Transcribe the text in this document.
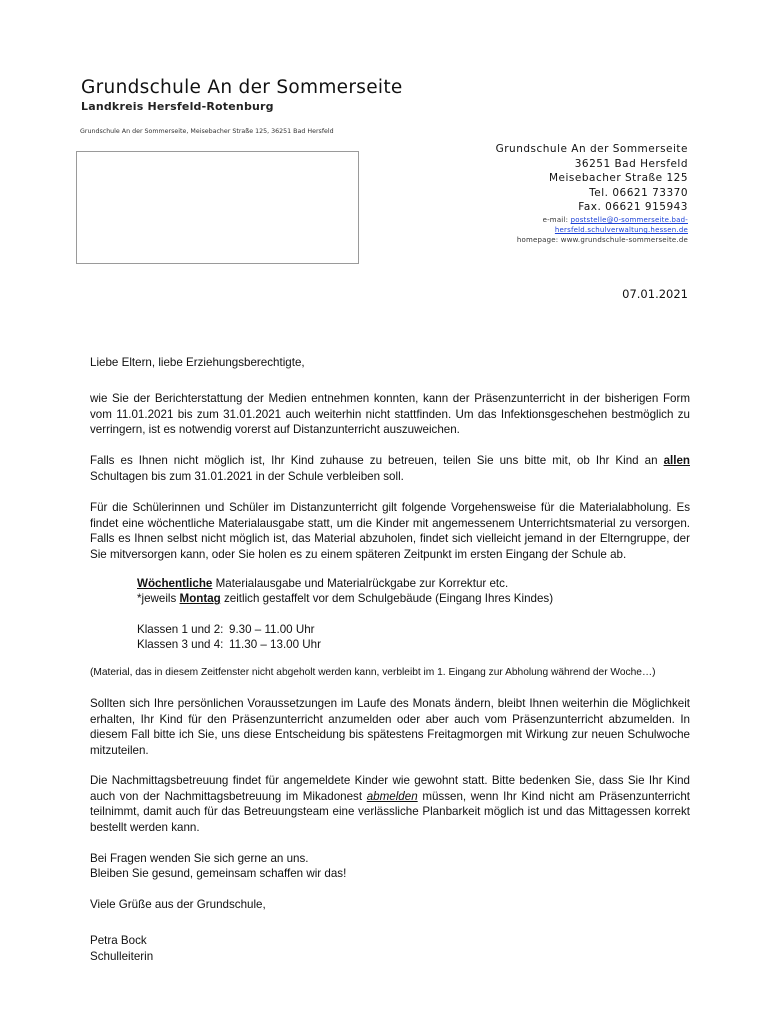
Grundschule An der Sommerseite
Landkreis Hersfeld-Rotenburg
Grundschule An der Sommerseite, Meisebacher Straße 125, 36251 Bad Hersfeld
Grundschule An der Sommerseite
36251 Bad Hersfeld
Meisebacher Straße 125
Tel. 06621 73370
Fax. 06621 915943
e-mail: poststelle@0-sommerseite.bad-
hersfeld.schulverwaltung.hessen.de
homepage: www.grundschule-sommerseite.de
07.01.2021
Liebe Eltern, liebe Erziehungsberechtigte,
wie Sie der Berichterstattung der Medien entnehmen konnten, kann der Präsenzunterricht in der bisherigen Form vom 11.01.2021 bis zum 31.01.2021 auch weiterhin nicht stattfinden. Um das Infektionsgeschehen bestmöglich zu verringern, ist es notwendig vorerst auf Distanzunterricht auszuweichen.
Falls es Ihnen nicht möglich ist, Ihr Kind zuhause zu betreuen, teilen Sie uns bitte mit, ob Ihr Kind an allen Schultagen bis zum 31.01.2021 in der Schule verbleiben soll.
Für die Schülerinnen und Schüler im Distanzunterricht gilt folgende Vorgehensweise für die Materialabholung. Es findet eine wöchentliche Materialausgabe statt, um die Kinder mit angemessenem Unterrichtsmaterial zu versorgen. Falls es Ihnen selbst nicht möglich ist, das Material abzuholen, findet sich vielleicht jemand in der Elterngruppe, der Sie mitversorgen kann, oder Sie holen es zu einem späteren Zeitpunkt im ersten Eingang der Schule ab.
Wöchentliche Materialausgabe und Materialrückgabe zur Korrektur etc.
*jeweils Montag zeitlich gestaffelt vor dem Schulgebäude (Eingang Ihres Kindes)
Klassen 1 und 2: 9.30 – 11.00 Uhr
Klassen 3 und 4: 11.30 – 13.00 Uhr
(Material, das in diesem Zeitfenster nicht abgeholt werden kann, verbleibt im 1. Eingang zur Abholung während der Woche…)
Sollten sich Ihre persönlichen Voraussetzungen im Laufe des Monats ändern, bleibt Ihnen weiterhin die Möglichkeit erhalten, Ihr Kind für den Präsenzunterricht anzumelden oder aber auch vom Präsenzunterricht abzumelden. In diesem Fall bitte ich Sie, uns diese Entscheidung bis spätestens Freitagmorgen mit Wirkung zur neuen Schulwoche mitzuteilen.
Die Nachmittagsbetreuung findet für angemeldete Kinder wie gewohnt statt. Bitte bedenken Sie, dass Sie Ihr Kind auch von der Nachmittagsbetreuung im Mikadonest abmelden müssen, wenn Ihr Kind nicht am Präsenzunterricht teilnimmt, damit auch für das Betreuungsteam eine verlässliche Planbarkeit möglich ist und das Mittagessen korrekt bestellt werden kann.
Bei Fragen wenden Sie sich gerne an uns.
Bleiben Sie gesund, gemeinsam schaffen wir das!
Viele Grüße aus der Grundschule,
Petra Bock
Schulleiterin
